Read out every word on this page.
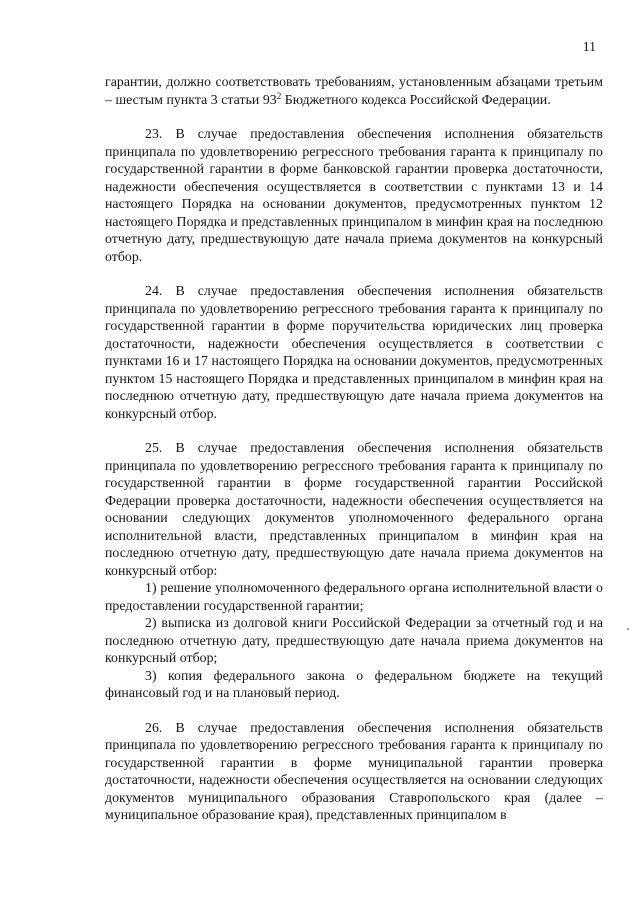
11

гарантии, должно соответствовать требованиям, установленным абзацами третьим – шестым пункта 3 статьи $93^2$ Бюджетного кодекса Российской Федерации.

23. В случае предоставления обеспечения исполнения обязательств принципала по удовлетворению регрессного требования гаранта к принципалу по государственной гарантии в форме банковской гарантии проверка достаточности, надежности обеспечения осуществляется в соответствии с пунктами 13 и 14 настоящего Порядка на основании документов, предусмотренных пунктом 12 настоящего Порядка и представленных принципалом в минфин края на последнюю отчетную дату, предшествующую дате начала приема документов на конкурсный отбор.

24. В случае предоставления обеспечения исполнения обязательств принципала по удовлетворению регрессного требования гаранта к принципалу по государственной гарантии в форме поручительства юридических лиц проверка достаточности, надежности обеспечения осуществляется в соответствии с пунктами 16 и 17 настоящего Порядка на основании документов, предусмотренных пунктом 15 настоящего Порядка и представленных принципалом в минфин края на последнюю отчетную дату, предшествующую дате начала приема документов на конкурсный отбор.

25. В случае предоставления обеспечения исполнения обязательств принципала по удовлетворению регрессного требования гаранта к принципалу по государственной гарантии в форме государственной гарантии Российской Федерации проверка достаточности, надежности обеспечения осуществляется на основании следующих документов уполномоченного федерального органа исполнительной власти, представленных принципалом в минфин края на последнюю отчетную дату, предшествующую дате начала приема документов на конкурсный отбор:

1) решение уполномоченного федерального органа исполнительной власти о предоставлении государственной гарантии;

2) выписка из долговой книги Российской Федерации за отчетный год и на последнюю отчетную дату, предшествующую дате начала приема документов на конкурсный отбор;

3) копия федерального закона о федеральном бюджете на текущий финансовый год и на плановый период.

26. В случае предоставления обеспечения исполнения обязательств принципала по удовлетворению регрессного требования гаранта к принципалу по государственной гарантии в форме муниципальной гарантии проверка достаточности, надежности обеспечения осуществляется на основании следующих документов муниципального образования Ставропольского края (далее – муниципальное образование края), представленных принципалом в
